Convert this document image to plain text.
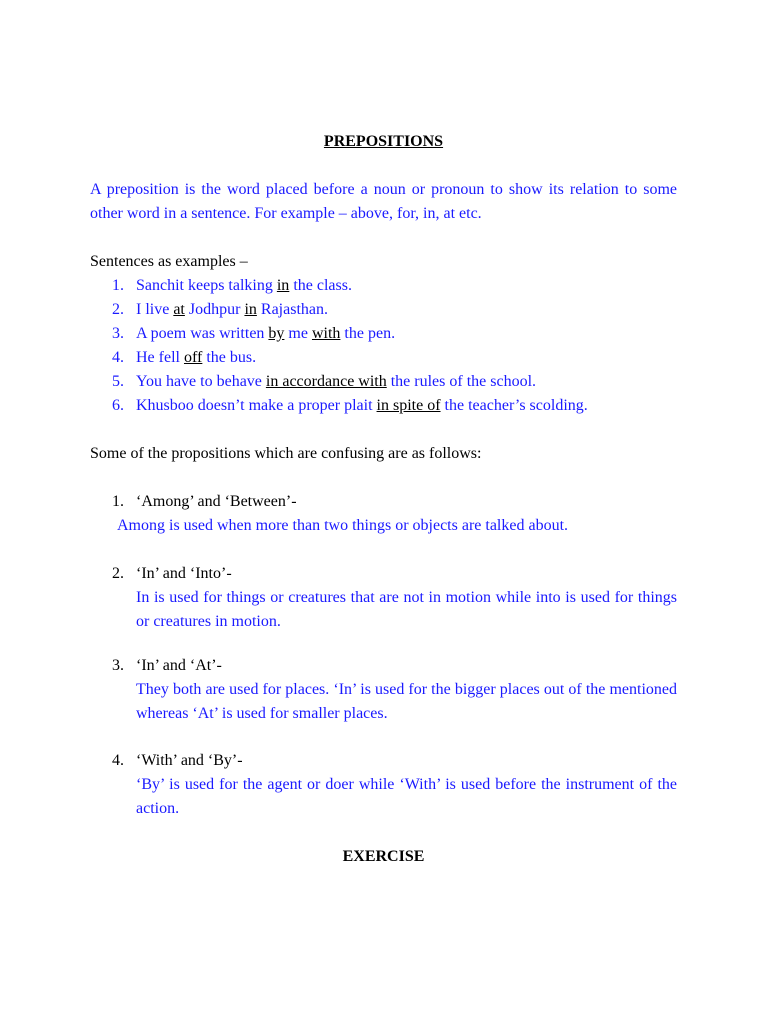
PREPOSITIONS

A preposition is the word placed before a noun or pronoun to show its relation to some other word in a sentence. For example – above, for, in, at etc.

Sentences as examples –

1. Sanchit keeps talking in the class.
2. I live at Jodhpur in Rajasthan.
3. A poem was written by me with the pen.
4. He fell off the bus.
5. You have to behave in accordance with the rules of the school.
6. Khusboo doesn’t make a proper plait in spite of the teacher’s scolding.

Some of the propositions which are confusing are as follows:

1. ‘Among’ and ‘Between’-
Among is used when more than two things or objects are talked about.
2. ‘In’ and ‘Into’-
In is used for things or creatures that are not in motion while into is used for things or creatures in motion.
3. ‘In’ and ‘At’-
They both are used for places. ‘In’ is used for the bigger places out of the mentioned whereas ‘At’ is used for smaller places.
4. ‘With’ and ‘By’-
‘By’ is used for the agent or doer while ‘With’ is used before the instrument of the action.

EXERCISE
